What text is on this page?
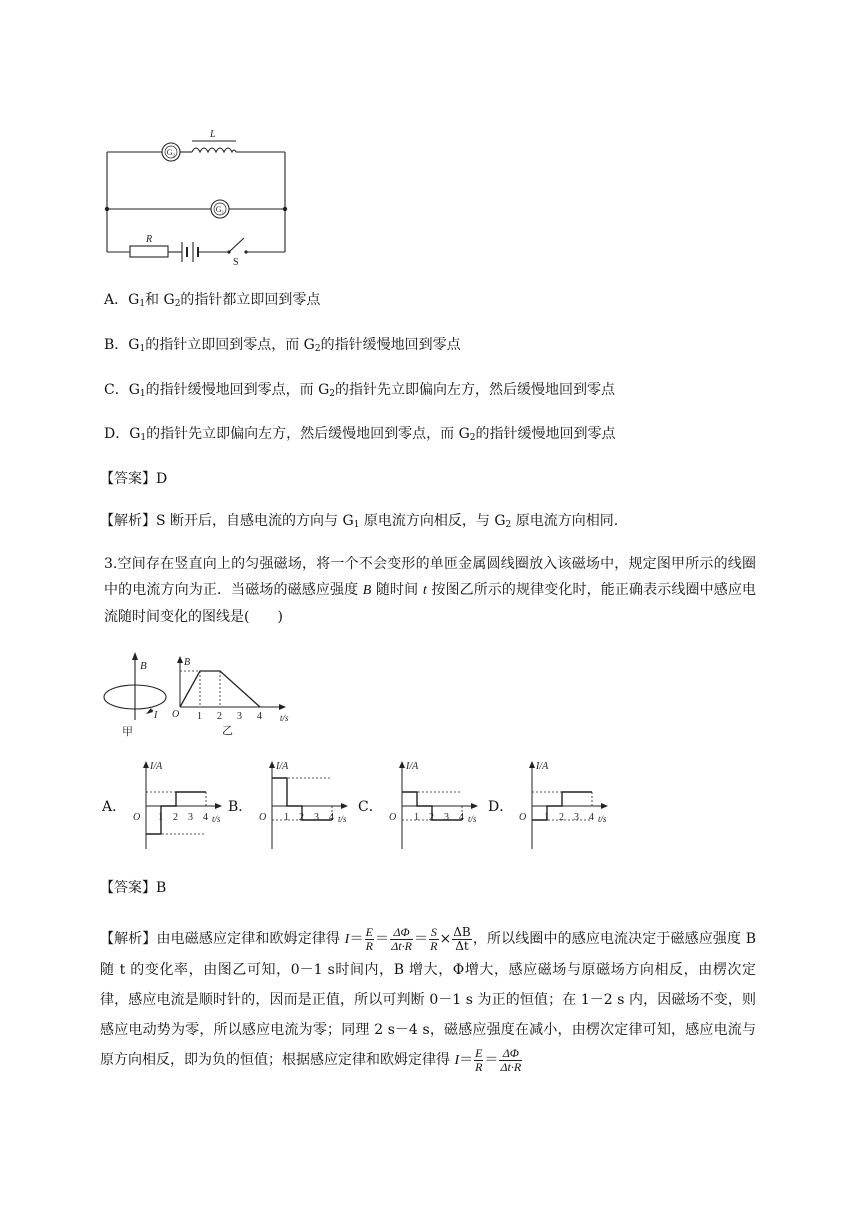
G₂
L
G₁
R
S
A．$G_1$和 $G_2$的指针都立即回到零点
B．$G_1$的指针立即回到零点，而 $G_2$的指针缓慢地回到零点
C．$G_1$的指针缓慢地回到零点，而 $G_2$的指针先立即偏向左方，然后缓慢地回到零点
D．$G_1$的指针先立即偏向左方，然后缓慢地回到零点，而 $G_2$的指针缓慢地回到零点
【答案】D
【解析】S 断开后，自感电流的方向与 $G_1$ 原电流方向相反，与 $G_2$ 原电流方向相同.
3.空间存在竖直向上的匀强磁场，将一个不会变形的单匝金属圆线圈放入该磁场中，规定图甲所示的线圈中的电流方向为正．当磁场的磁感应强度 B 随时间 t 按图乙所示的规律变化时，能正确表示线圈中感应电流随时间变化的图线是(　　)
B
I
甲
B
t/s
O
乙
1 2 3 4
A．
I/A
t/s
O 1 2 3 4
B．
I/A
t/s
O 1 2 3 4
C．
I/A
t/s
O 1 2 3 4
D．
I/A
t/s
O 1 2 3 4
【答案】B
【解析】由电磁感应定律和欧姆定律得 $I= \frac{E}{R} = \frac{\Delta\Phi}{\Delta t\cdot R} = \frac{S}{R} \times \frac{\Delta B}{\Delta t}$ ，所以线圈中的感应电流决定于磁感应强度 B 随 t 的变化率，由图乙可知，0－1 s时间内，B 增大，Φ增大，感应磁场与原磁场方向相反，由楞次定律，感应电流是顺时针的，因而是正值，所以可判断 0－1 s 为正的恒值；在 1－2 s 内，因磁场不变，则感应电动势为零，所以感应电流为零；同理 2 s－4 s，磁感应强度在减小，由楞次定律可知，感应电流与原方向相反，即为负的恒值；根据感应定律和欧姆定律得 $I= \frac{E}{R} = \frac{\Delta\Phi}{\Delta t\cdot R}$
